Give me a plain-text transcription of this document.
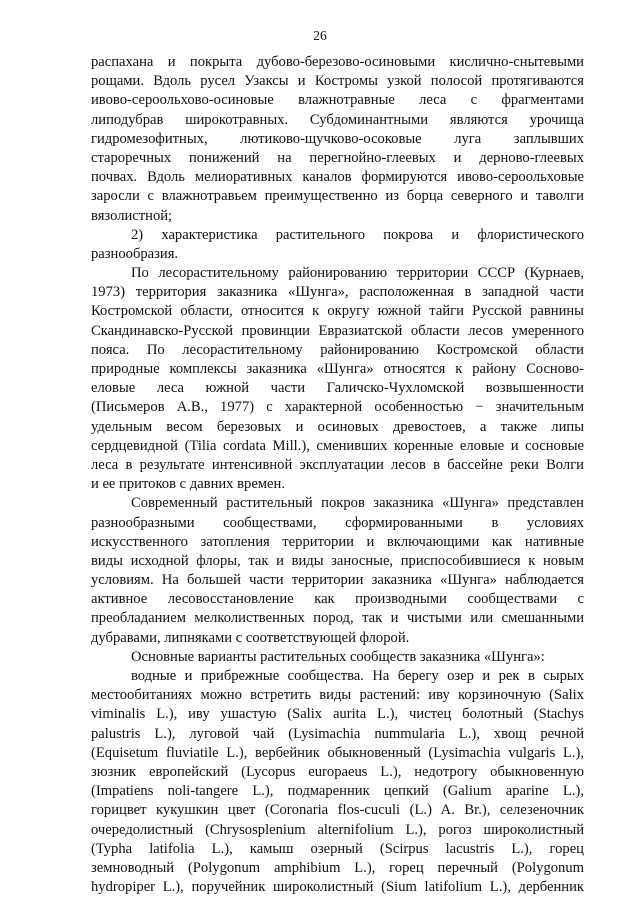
26
распахана и покрыта дубово-березово-осиновыми кислично-снытевыми
рощами. Вдоль русел Узаксы и Костромы узкой полосой протягиваются
ивово-сероольхово-осиновые влажнотравные леса с фрагментами
липодубрав широкотравных. Субдоминантными являются урочища
гидромезофитных, лютиково-щучково-осоковые луга заплывших
старорeчных понижений на перегнойно-глеевых и дерново-глеевых
почвах. Вдоль мелиоративных каналов формируются ивово-сероольховые
заросли с влажнотравьем преимущественно из борца северного и таволги
вязолистной;
2) характеристика растительного покрова и флористического
разнообразия.
По лесорастительному районированию территории СССР (Курнаев,
1973) территория заказника «Шунга», расположенная в западной части
Костромской области, относится к округу южной тайги Русской равнины
Скандинавско-Русской провинции Евразиатской области лесов умеренного
пояса. По лесорастительному районированию Костромской области
природные комплексы заказника «Шунга» относятся к району Сосново-
еловые леса южной части Галичско-Чухломской возвышенности
(Письмеров А.В., 1977) с характерной особенностью − значительным
удельным весом березовых и осиновых древостоев, а также липы
сердцевидной (Tilia cordata Mill.), сменивших коренные еловые и сосновые
леса в результате интенсивной эксплуатации лесов в бассейне реки Волги
и ее притоков с давних времен.
Современный растительный покров заказника «Шунга» представлен
разнообразными сообществами, сформированными в условиях
искусственного затопления территории и включающими как нативные
виды исходной флоры, так и виды заносные, приспособившиеся к новым
условиям. На большей части территории заказника «Шунга» наблюдается
активное лесовосстановление как производными сообществами с
преобладанием мелколиственных пород, так и чистыми или смешанными
дубравами, липняками с соответствующей флорой.
Основные варианты растительных сообществ заказника «Шунга»:
водные и прибрежные сообщества. На берегу озер и рек в сырых
местообитаниях можно встретить виды растений: иву корзиночную (Salix
viminalis L.), иву ушастую (Salix aurita L.), чистец болотный (Stachys
palustris L.), луговой чай (Lysimachia nummularia L.), хвощ речной
(Equisetum fluviatile L.), вербейник обыкновенный (Lysimachia vulgaris L.),
зюзник европейский (Lycopus europaeus L.), недотрогу обыкновенную
(Impatiens noli-tangere L.), подмаренник цепкий (Galium aparine L.),
горицвет кукушкин цвет (Coronaria flos-cuculi (L.) A. Br.), селезеночник
очередолистный (Chrysosplenium alternifolium L.), рогоз широколистный
(Typha latifolia L.), камыш озерный (Scirpus lacustris L.), горец
земноводный (Polygonum amphibium L.), горец перечный (Polygonum
hydropiper L.), поручейник широколистный (Sium latifolium L.), дербенник
